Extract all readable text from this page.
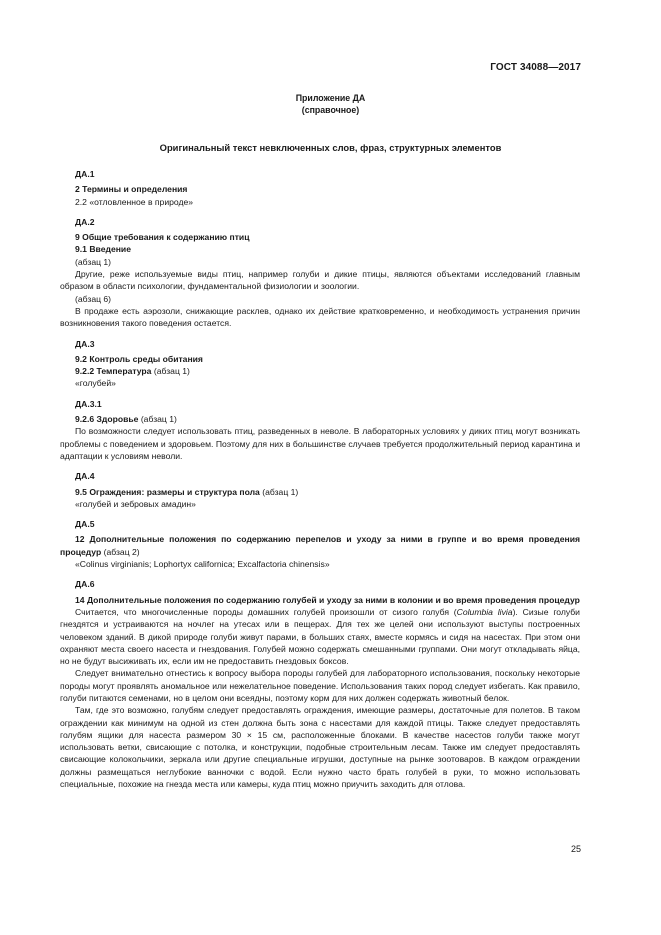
ГОСТ 34088—2017
Приложение ДА
(справочное)
Оригинальный текст невключенных слов, фраз, структурных элементов

ДА.1

2 Термины и определения

2.2 «отловленное в природе»

ДА.2

9 Общие требования к содержанию птиц

9.1 Введение

(абзац 1)

Другие, реже используемые виды птиц, например голуби и дикие птицы, являются объектами исследований главным образом в области психологии, фундаментальной физиологии и зоологии.

(абзац 6)

В продаже есть аэрозоли, снижающие расклев, однако их действие кратковременно, и необходимость устранения причин возникновения такого поведения остается.

ДА.3

9.2 Контроль среды обитания

9.2.2 Температура (абзац 1)

«голубей»

ДА.3.1

9.2.6 Здоровье (абзац 1)

По возможности следует использовать птиц, разведенных в неволе. В лабораторных условиях у диких птиц могут возникать проблемы с поведением и здоровьем. Поэтому для них в большинстве случаев требуется продолжительный период карантина и адаптации к условиям неволи.

ДА.4

9.5 Ограждения: размеры и структура пола (абзац 1)

«голубей и зебровых амадин»

ДА.5

12 Дополнительные положения по содержанию перепелов и уходу за ними в группе и во время проведения процедур (абзац 2)

«Colinus virginianis; Lophortyx californica; Excalfactoria chinensis»

ДА.6

14 Дополнительные положения по содержанию голубей и уходу за ними в колонии и во время проведения процедур

Считается, что многочисленные породы домашних голубей произошли от сизого голубя (Columbia livia). Сизые голуби гнездятся и устраиваются на ночлег на утесах или в пещерах. Для тех же целей они используют выступы построенных человеком зданий. В дикой природе голуби живут парами, в больших стаях, вместе кормясь и сидя на насестах. При этом они охраняют места своего насеста и гнездования. Голубей можно содержать смешанными группами. Они могут откладывать яйца, но не будут высиживать их, если им не предоставить гнездовых боксов.

Следует внимательно отнестись к вопросу выбора породы голубей для лабораторного использования, поскольку некоторые породы могут проявлять аномальное или нежелательное поведение. Использования таких пород следует избегать. Как правило, голуби питаются семенами, но в целом они всеядны, поэтому корм для них должен содержать животный белок.

Там, где это возможно, голубям следует предоставлять ограждения, имеющие размеры, достаточные для полетов. В таком ограждении как минимум на одной из стен должна быть зона с насестами для каждой птицы. Также следует предоставлять голубям ящики для насеста размером 30 × 15 см, расположенные блоками. В качестве насестов голуби также могут использовать ветки, свисающие с потолка, и конструкции, подобные строительным лесам. Также им следует предоставлять свисающие колокольчики, зеркала или другие специальные игрушки, доступные на рынке зоотоваров. В каждом ограждении должны размещаться неглубокие ванночки с водой. Если нужно часто брать голубей в руки, то можно использовать специальные, похожие на гнезда места или камеры, куда птиц можно приучить заходить для отлова.

25
